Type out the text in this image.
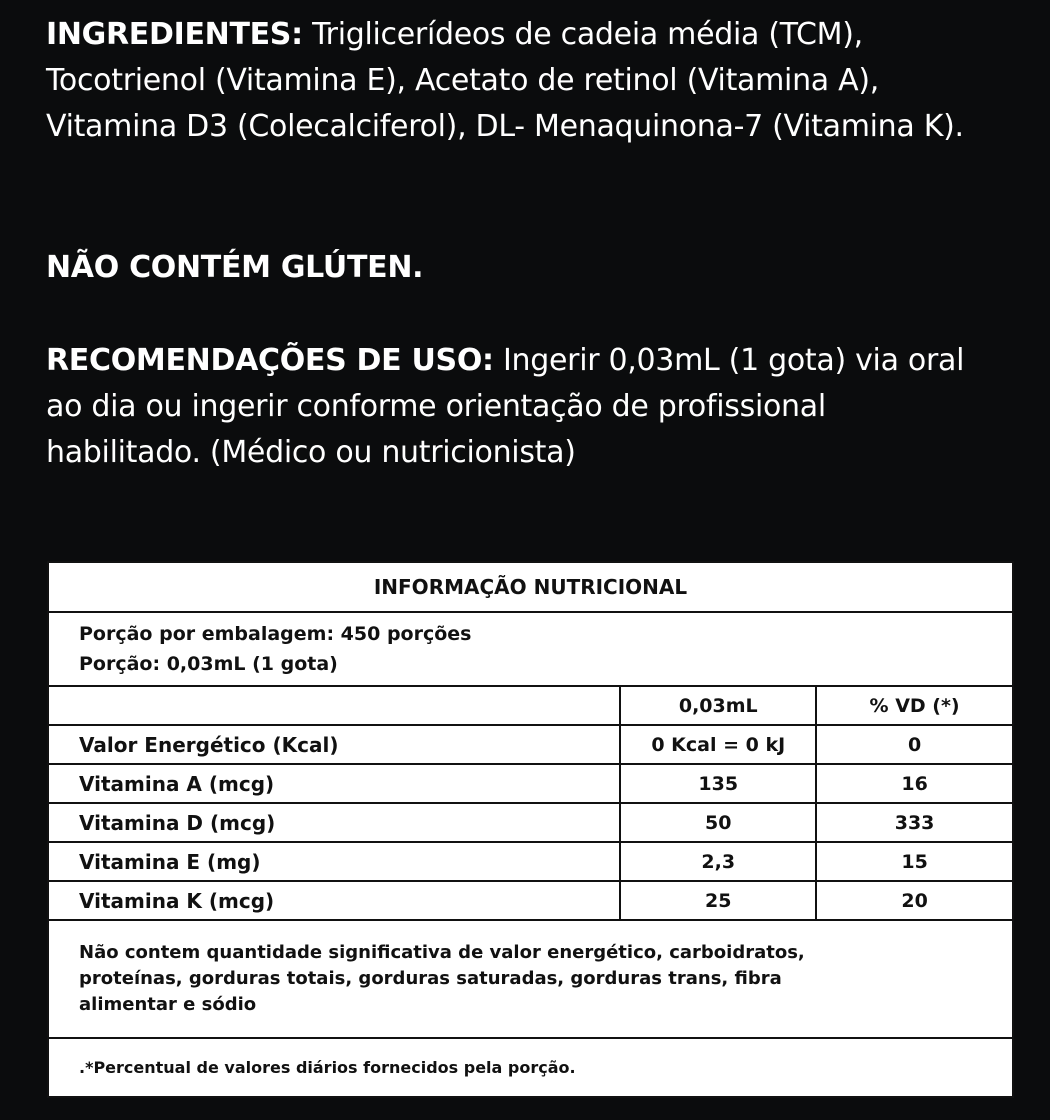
INGREDIENTES: Triglicerídeos de cadeia média (TCM), Tocotrienol (Vitamina E), Acetato de retinol (Vitamina A), Vitamina D3 (Colecalciferol), DL- Menaquinona-7 (Vitamina K).
NÃO CONTÉM GLÚTEN.
RECOMENDAÇÕES DE USO: Ingerir 0,03mL (1 gota) via oral ao dia ou ingerir conforme orientação de profissional habilitado. (Médico ou nutricionista)
INFORMAÇÃO NUTRICIONAL		

Porção por embalagem: 450 porções
Porção: 0,03mL (1 gota)		

	0,03mL	% VD (*)
Valor Energético (Kcal)	0 Kcal = 0 kJ	0
Vitamina A (mcg)	135	16
Vitamina D (mcg)	50	333
Vitamina E (mg)	2,3	15
Vitamina K (mcg)	25	20
Não contem quantidade significativa de valor energético, carboidratos, proteínas, gorduras totais, gorduras saturadas, gorduras trans, fibra alimentar e sódio		
.*Percentual de valores diários fornecidos pela porção.		
